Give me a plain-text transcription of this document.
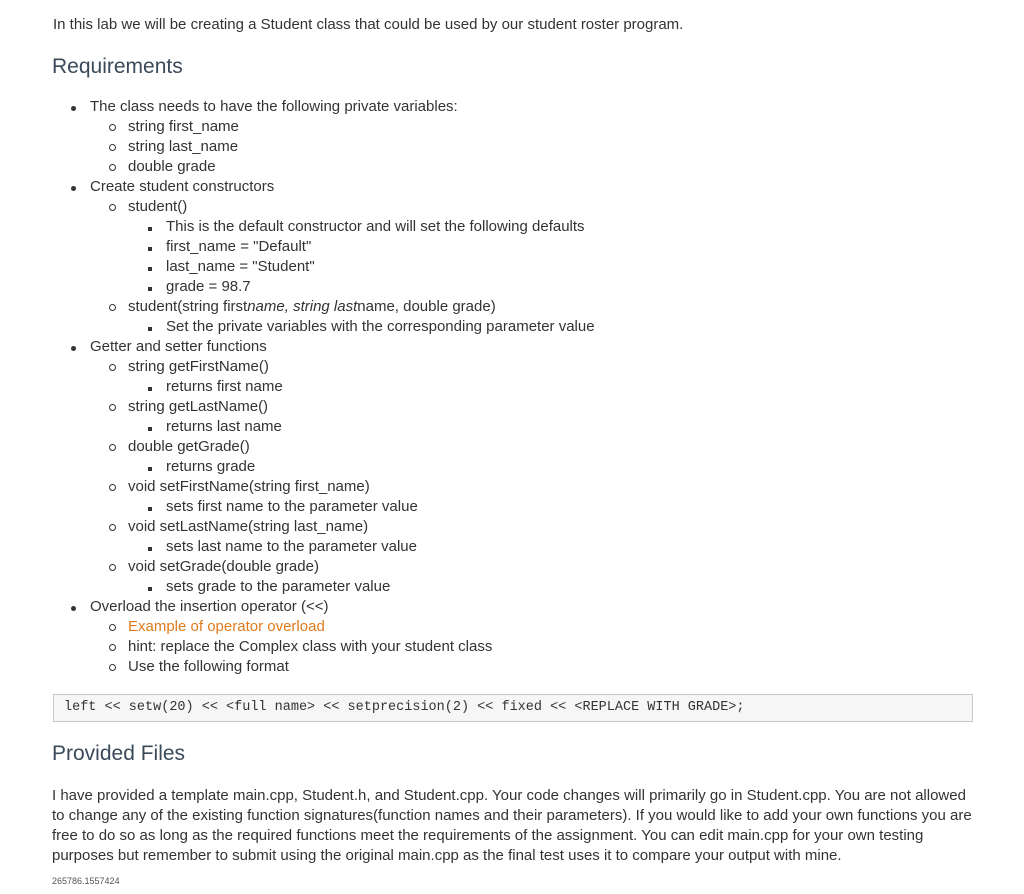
In this lab we will be creating a Student class that could be used by our student roster program.

Requirements
The class needs to have the following private variables:
string first_name
string last_name
double grade
Create student constructors
student()
This is the default constructor and will set the following defaults
first_name = "Default"
last_name = "Student"
grade = 98.7
student(string firstname, string lastname, double grade)
Set the private variables with the corresponding parameter value
Getter and setter functions
string getFirstName()
returns first name
string getLastName()
returns last name
double getGrade()
returns grade
void setFirstName(string first_name)
sets first name to the parameter value
void setLastName(string last_name)
sets last name to the parameter value
void setGrade(double grade)
sets grade to the parameter value
Overload the insertion operator (<<)
Example of operator overload
hint: replace the Complex class with your student class
Use the following format
left << setw(20) << <full name> << setprecision(2) << fixed << <REPLACE WITH GRADE>;
Provided Files

I have provided a template main.cpp, Student.h, and Student.cpp. Your code changes will primarily go in Student.cpp. You are not allowed to change any of the existing function signatures(function names and their parameters). If you would like to add your own functions you are free to do so as long as the required functions meet the requirements of the assignment. You can edit main.cpp for your own testing purposes but remember to submit using the original main.cpp as the final test uses it to compare your output with mine.

265786.1557424
